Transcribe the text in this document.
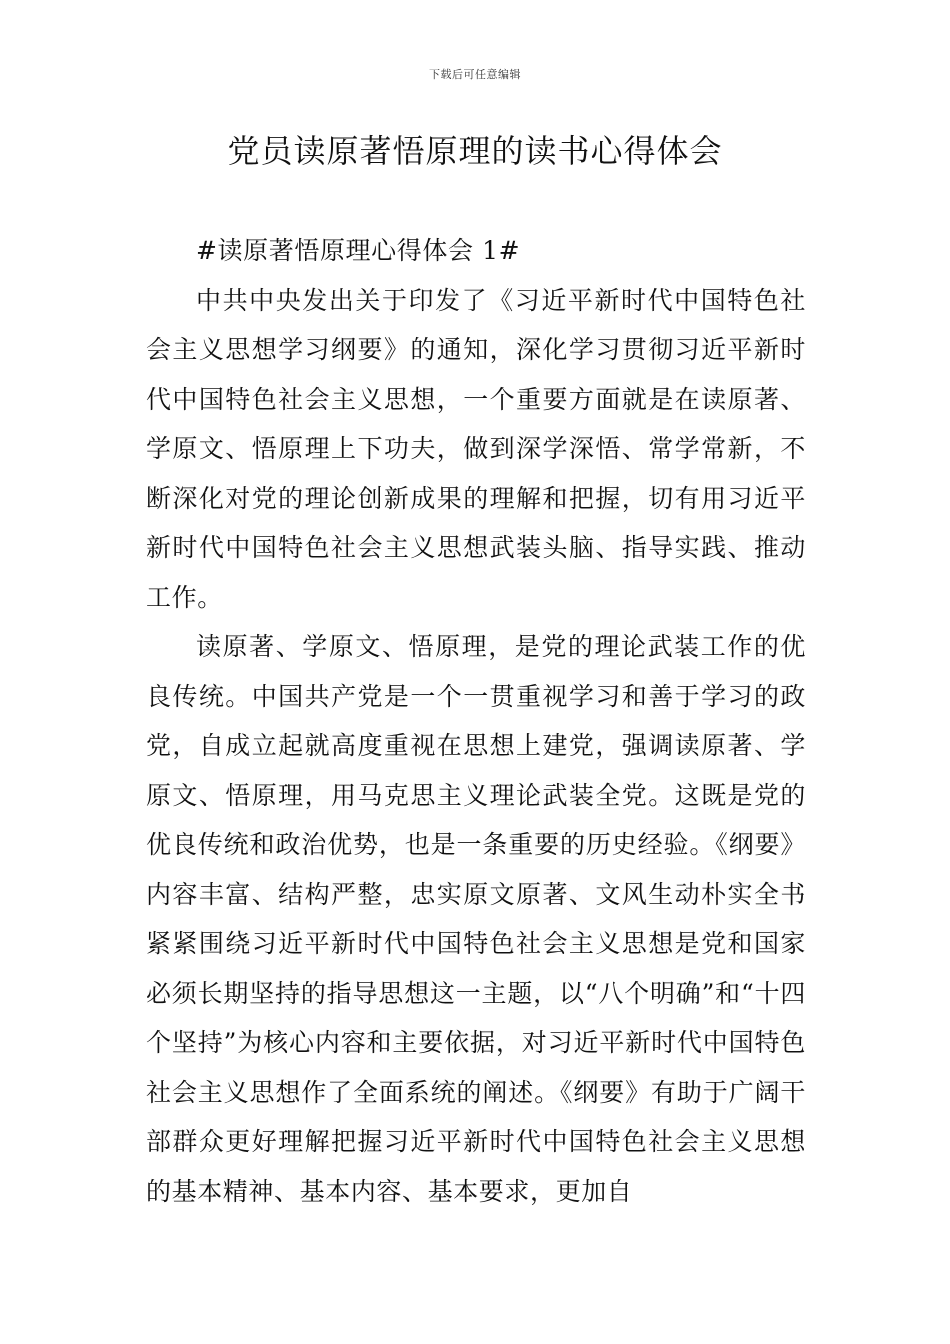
下载后可任意编辑
党员读原著悟原理的读书心得体会

#读原著悟原理心得体会 1#

中共中央发出关于印发了《习近平新时代中国特色社会主义思想学习纲要》的通知，深化学习贯彻习近平新时代中国特色社会主义思想，一个重要方面就是在读原著、学原文、悟原理上下功夫，做到深学深悟、常学常新，不断深化对党的理论创新成果的理解和把握，切有用习近平新时代中国特色社会主义思想武装头脑、指导实践、推动工作。

读原著、学原文、悟原理，是党的理论武装工作的优良传统。中国共产党是一个一贯重视学习和善于学习的政党，自成立起就高度重视在思想上建党，强调读原著、学原文、悟原理，用马克思主义理论武装全党。这既是党的优良传统和政治优势，也是一条重要的历史经验。《纲要》内容丰富、结构严整，忠实原文原著、文风生动朴实全书紧紧围绕习近平新时代中国特色社会主义思想是党和国家必须长期坚持的指导思想这一主题，以“八个明确”和“十四个坚持”为核心内容和主要依据，对习近平新时代中国特色社会主义思想作了全面系统的阐述。《纲要》有助于广阔干部群众更好理解把握习近平新时代中国特色社会主义思想的基本精神、基本内容、基本要求，更加自
